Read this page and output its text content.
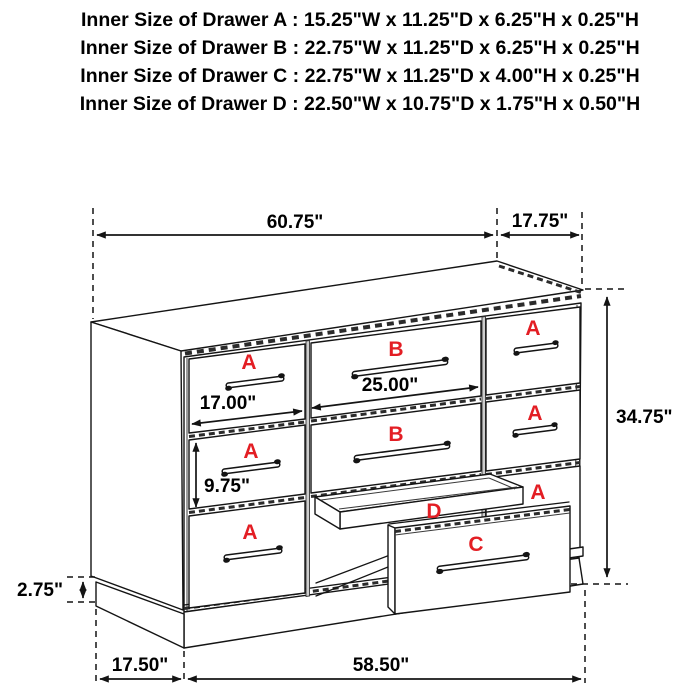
Inner Size of Drawer A : 15.25"W x 11.25"D x 6.25"H x 0.25"H
Inner Size of Drawer B : 22.75"W x 11.25"D x 6.25"H x 0.25"H
Inner Size of Drawer C : 22.75"W x 11.25"D x 4.00"H x 0.25"H
Inner Size of Drawer D : 22.50"W x 10.75"D x 1.75"H x 0.50"H
A
A
A
B
B
A
A
A
D
C
60.75"	17.75"
34.75"
17.00"
25.00"
9.75"
2.75"
17.50"	58.50"
